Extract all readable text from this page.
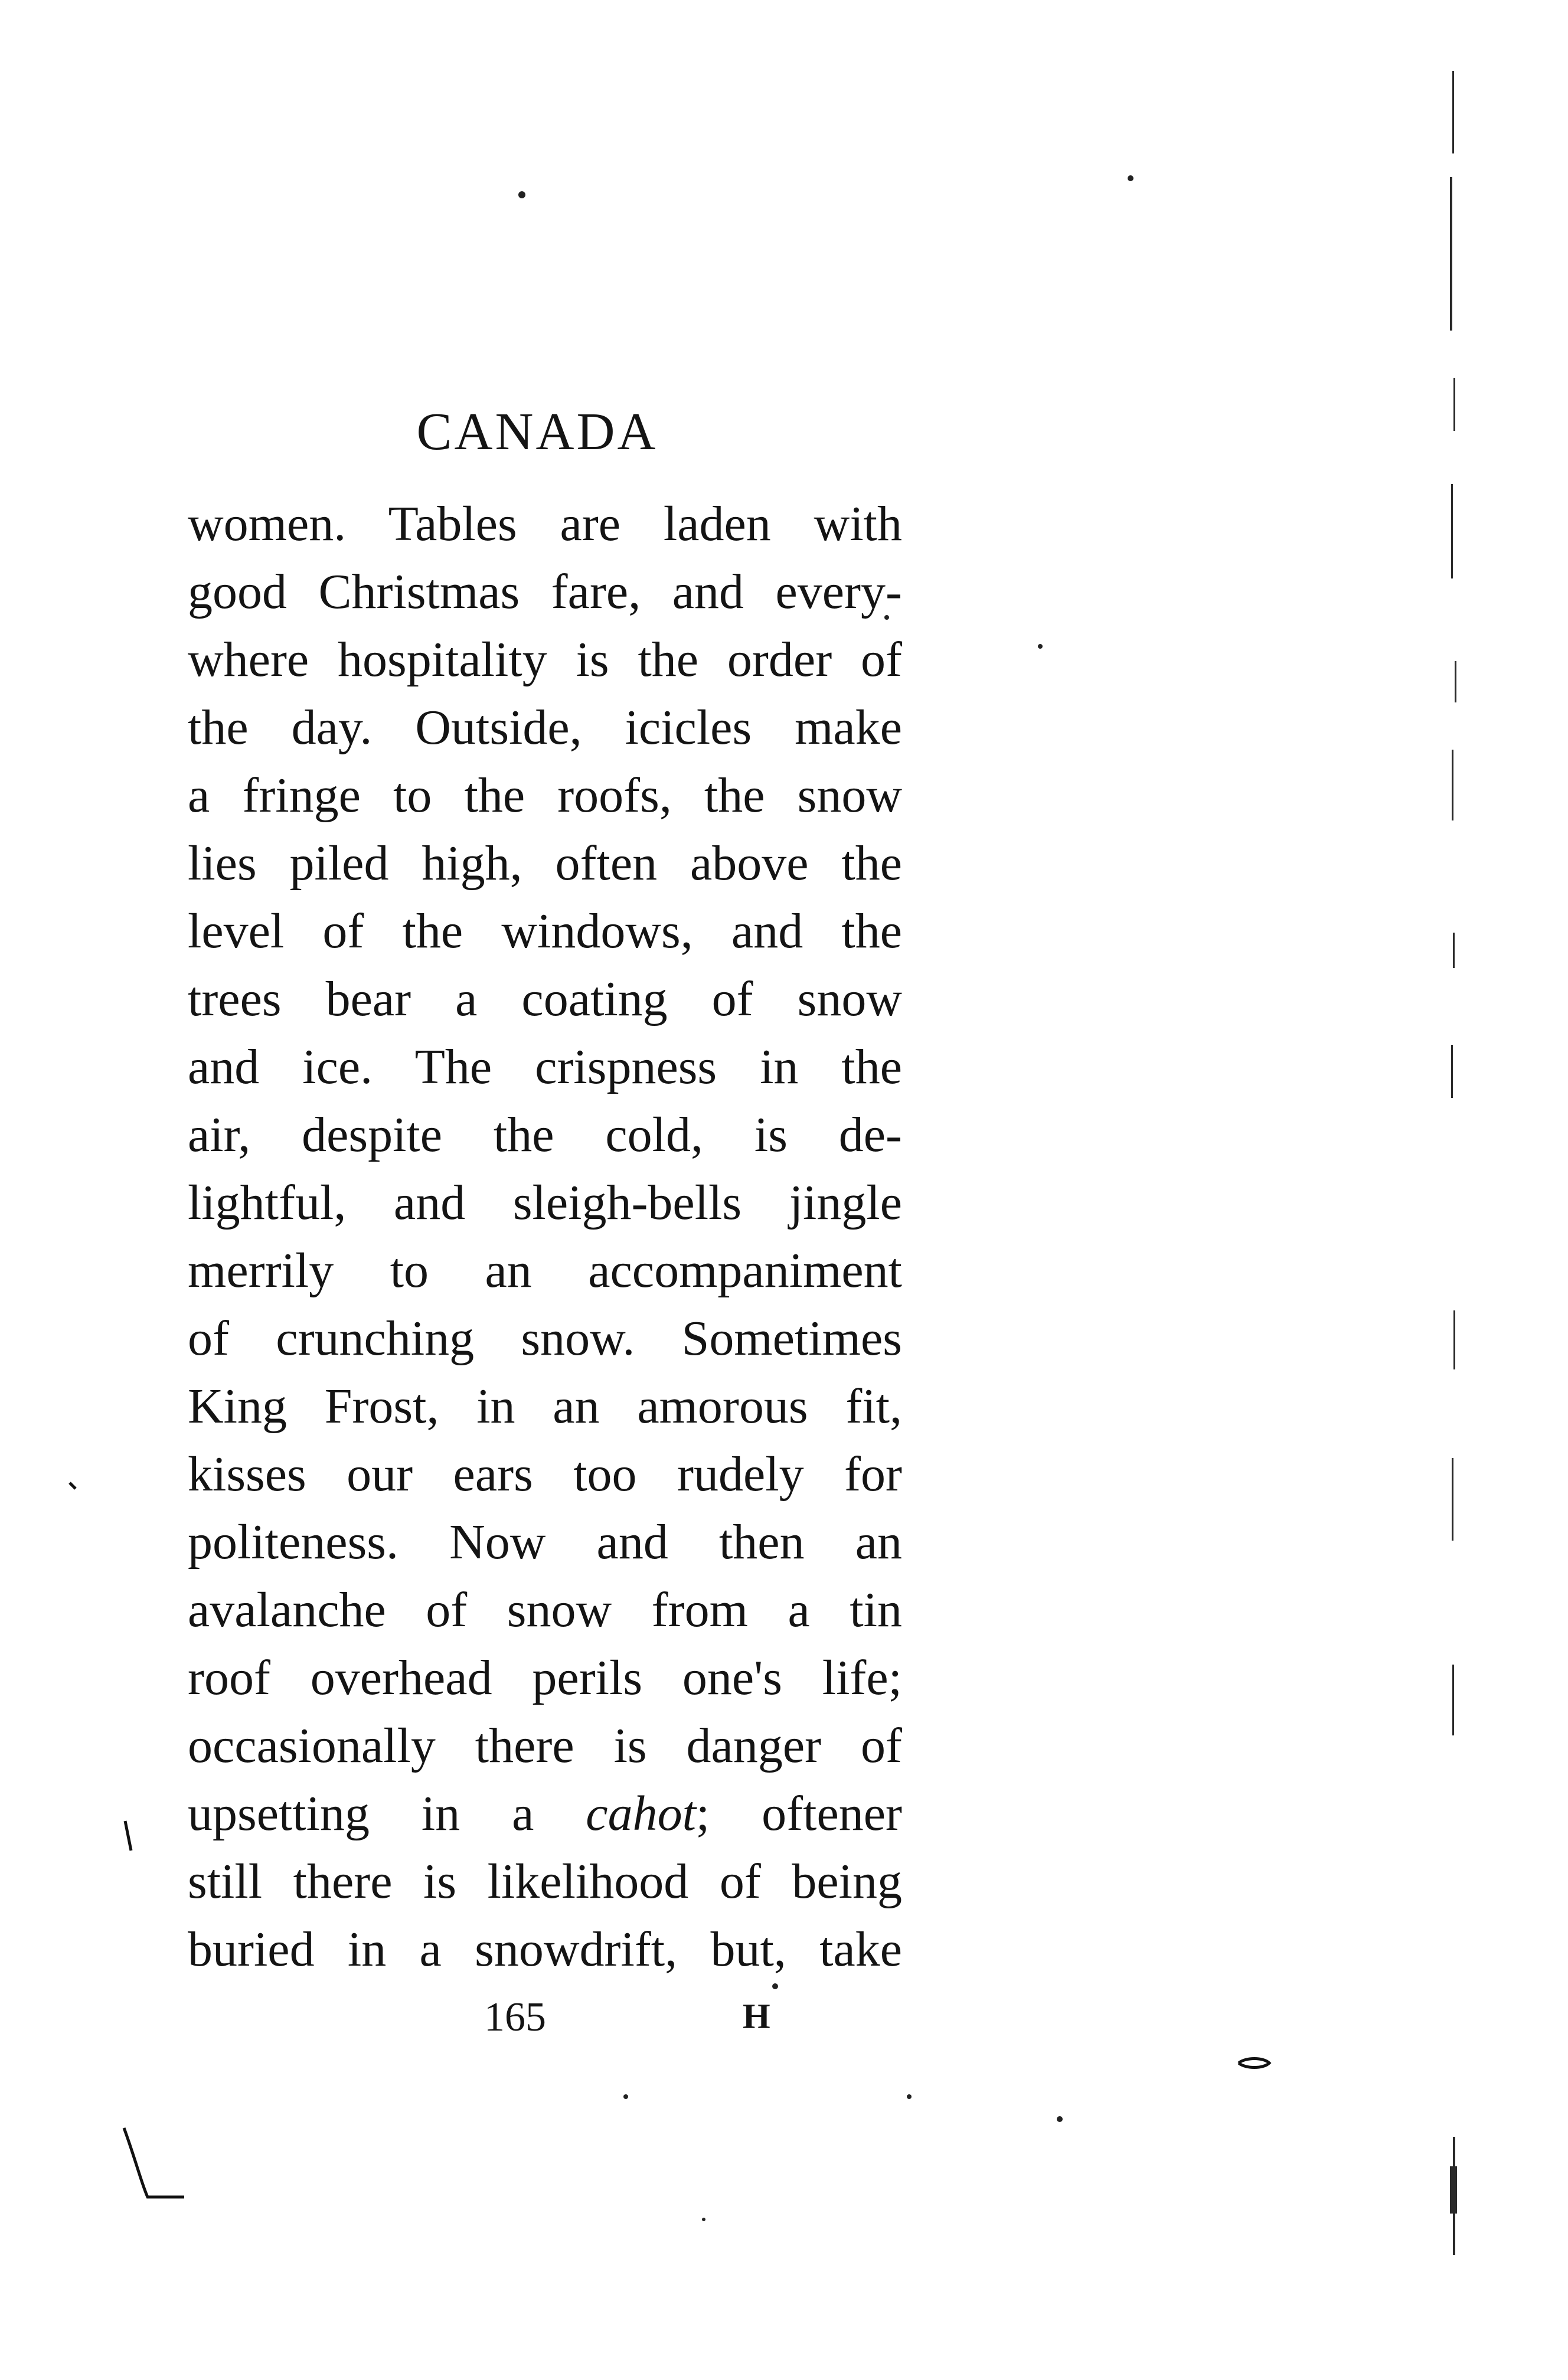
CANADA
women. Tables are laden with
good Christmas fare, and every-
where hospitality is the order of
the day. Outside, icicles make
a fringe to the roofs, the snow
lies piled high, often above the
level of the windows, and the
trees bear a coating of snow
and ice. The crispness in the
air, despite the cold, is de-
lightful, and sleigh-bells jingle
merrily to an accompaniment
of crunching snow. Sometimes
King Frost, in an amorous fit,
kisses our ears too rudely for
politeness. Now and then an
avalanche of snow from a tin
roof overhead perils one's life;
occasionally there is danger of
upsetting in a cahot; oftener
still there is likelihood of being
buried in a snowdrift, but, take
165	H
